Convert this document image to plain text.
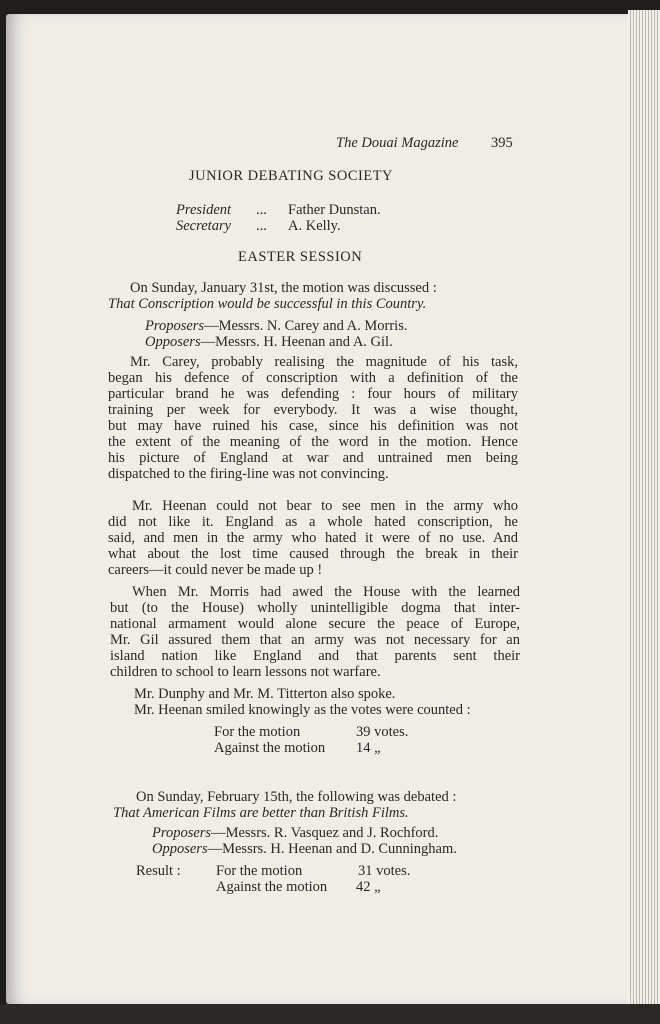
The Douai Magazine 395
JUNIOR DEBATING SOCIETY
President ... Father Dunstan.
Secretary ... A. Kelly.
EASTER SESSION
On Sunday, January 31st, the motion was discussed :
That Conscription would be successful in this Country.
Proposers—Messrs. N. Carey and A. Morris.
Opposers—Messrs. H. Heenan and A. Gil.
Mr. Carey, probably realising the magnitude of his task,
began his defence of conscription with a definition of the
particular brand he was defending : four hours of military
training per week for everybody. It was a wise thought,
but may have ruined his case, since his definition was not
the extent of the meaning of the word in the motion. Hence
his picture of England at war and untrained men being
dispatched to the firing-line was not convincing.
Mr. Heenan could not bear to see men in the army who
did not like it. England as a whole hated conscription, he
said, and men in the army who hated it were of no use. And
what about the lost time caused through the break in their
careers—it could never be made up !
When Mr. Morris had awed the House with the learned
but (to the House) wholly unintelligible dogma that inter-
national armament would alone secure the peace of Europe,
Mr. Gil assured them that an army was not necessary for an
island nation like England and that parents sent their
children to school to learn lessons not warfare.
Mr. Dunphy and Mr. M. Titterton also spoke.
Mr. Heenan smiled knowingly as the votes were counted :
For the motion	39 votes.
Against the motion 14 „
On Sunday, February 15th, the following was debated :
That American Films are better than British Films.
Proposers—Messrs. R. Vasquez and J. Rochford.
Opposers—Messrs. H. Heenan and D. Cunningham.
Result : For the motion	31 votes.
Against the motion 42 „
